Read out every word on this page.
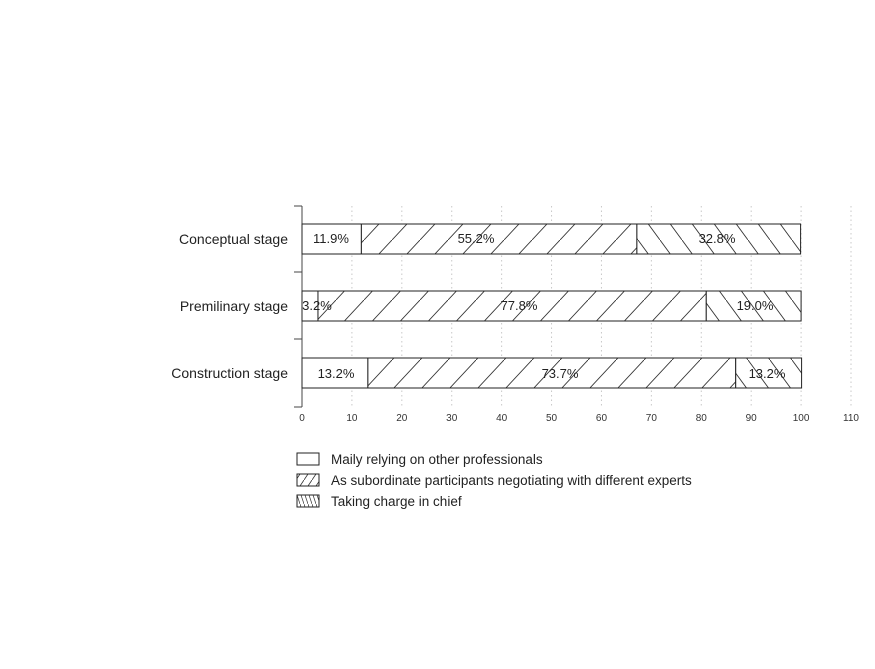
0	10	20	30	40	50	60	70	80	90	100	110
Conceptual stage
Premilinary stage
Construction stage
11.9%	55.2%	32.8%
3.2%	77.8%	19.0%
13.2%	73.7%	13.2%
Maily relying on other professionals
As subordinate participants negotiating with different experts
Taking charge in chief
